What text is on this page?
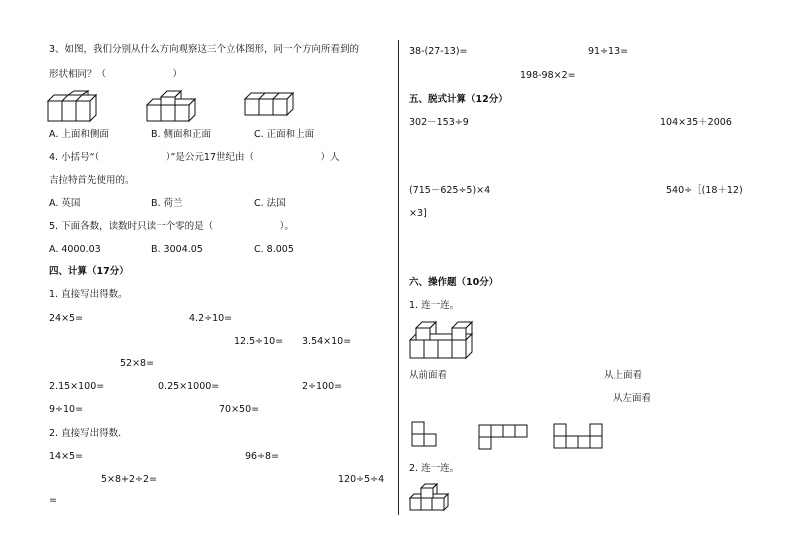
3、如图，我们分别从什么方向观察这三个立体图形，同一个方向所看到的
形状相同？（　　　　　　　）
A. 上面和侧面	B. 侧面和正面	C. 正面和上面
4. 小括号“（　　　　　　　）”是公元17世纪由（　　　　　　　）人
吉拉特首先使用的。
A. 英国	B. 荷兰	C. 法国
5. 下面各数，读数时只读一个零的是（　　　　　　　）。
A. 4000.03	B. 3004.05	C. 8.005
四、计算（17分）
1. 直接写出得数。
24×5=	4.2÷10=
12.5÷10= 3.54×10=
52×8=
2.15×100=	0.25×1000=	2÷100=
9÷10=	70×50=
2. 直接写出得数.
14×5=	96÷8=
5×8+2÷2=	120÷5÷4
=
38-(27-13)=	91÷13=
198-98×2=
五、脱式计算（12分）
302－153÷9	104×35＋2006
(715－625÷5)×4	540÷［(18＋12)
×3]
六、操作题（10分）
1. 连一连。
从前面看	从上面看
从左面看
2. 连一连。
